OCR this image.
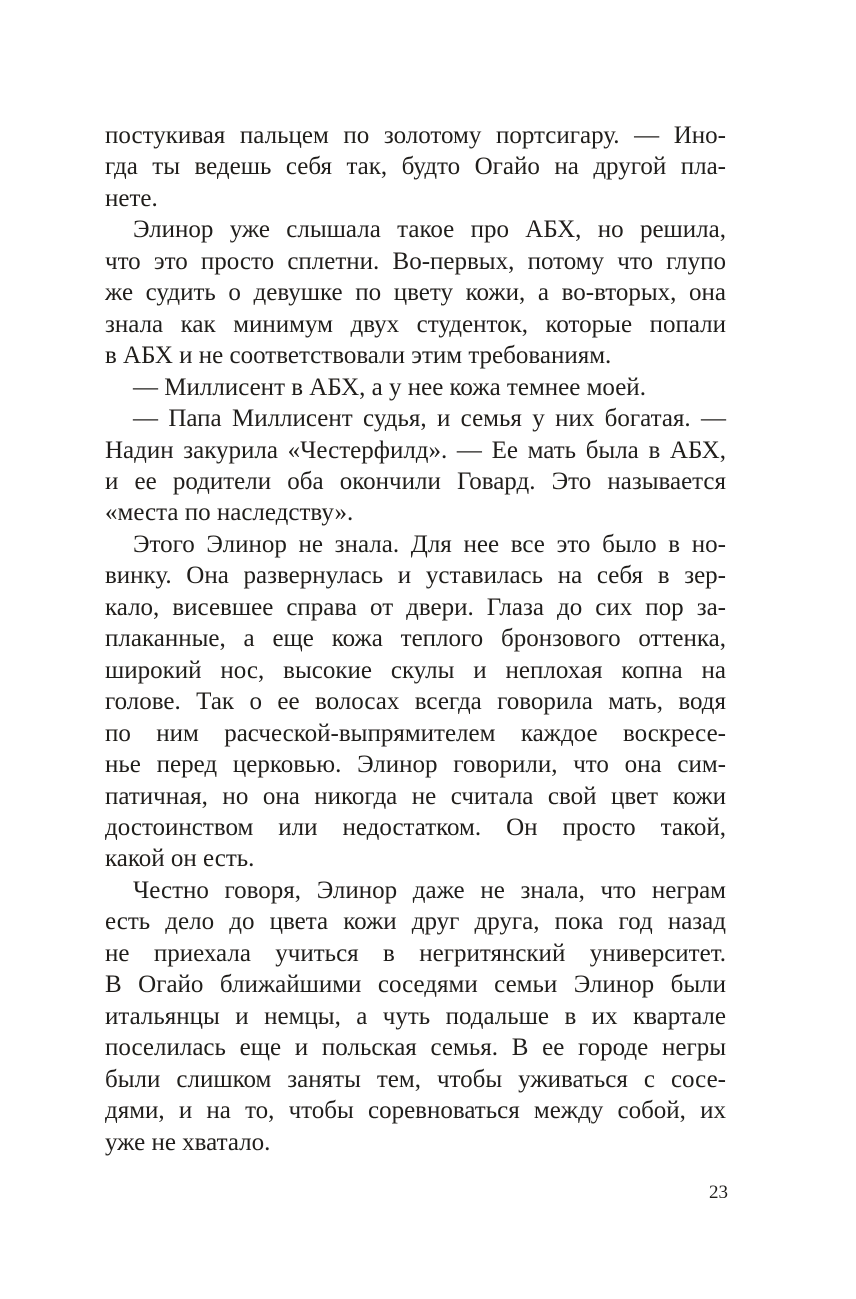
постукивая пальцем по золотому портсигару. — Ино-
гда ты ведешь себя так, будто Огайо на другой пла-
нете.
Элинор уже слышала такое про АБХ, но решила,
что это просто сплетни. Во-первых, потому что глупо
же судить о девушке по цвету кожи, а во-вторых, она
знала как минимум двух студенток, которые попали
в АБХ и не соответствовали этим требованиям.
— Миллисент в АБХ, а у нее кожа темнее моей.
— Папа Миллисент судья, и семья у них богатая. —
Надин закурила «Честерфилд». — Ее мать была в АБХ,
и ее родители оба окончили Говард. Это называется
«места по наследству».
Этого Элинор не знала. Для нее все это было в но-
винку. Она развернулась и уставилась на себя в зер-
кало, висевшее справа от двери. Глаза до сих пор за-
плаканные, а еще кожа теплого бронзового оттенка,
широкий нос, высокие скулы и неплохая копна на
голове. Так о ее волосах всегда говорила мать, водя
по ним расческой-выпрямителем каждое воскресе-
нье перед церковью. Элинор говорили, что она сим-
патичная, но она никогда не считала свой цвет кожи
достоинством или недостатком. Он просто такой,
какой он есть.
Честно говоря, Элинор даже не знала, что неграм
есть дело до цвета кожи друг друга, пока год назад
не приехала учиться в негритянский университет.
В Огайо ближайшими соседями семьи Элинор были
итальянцы и немцы, а чуть подальше в их квартале
поселилась еще и польская семья. В ее городе негры
были слишком заняты тем, чтобы уживаться с сосе-
дями, и на то, чтобы соревноваться между собой, их
уже не хватало.
23
